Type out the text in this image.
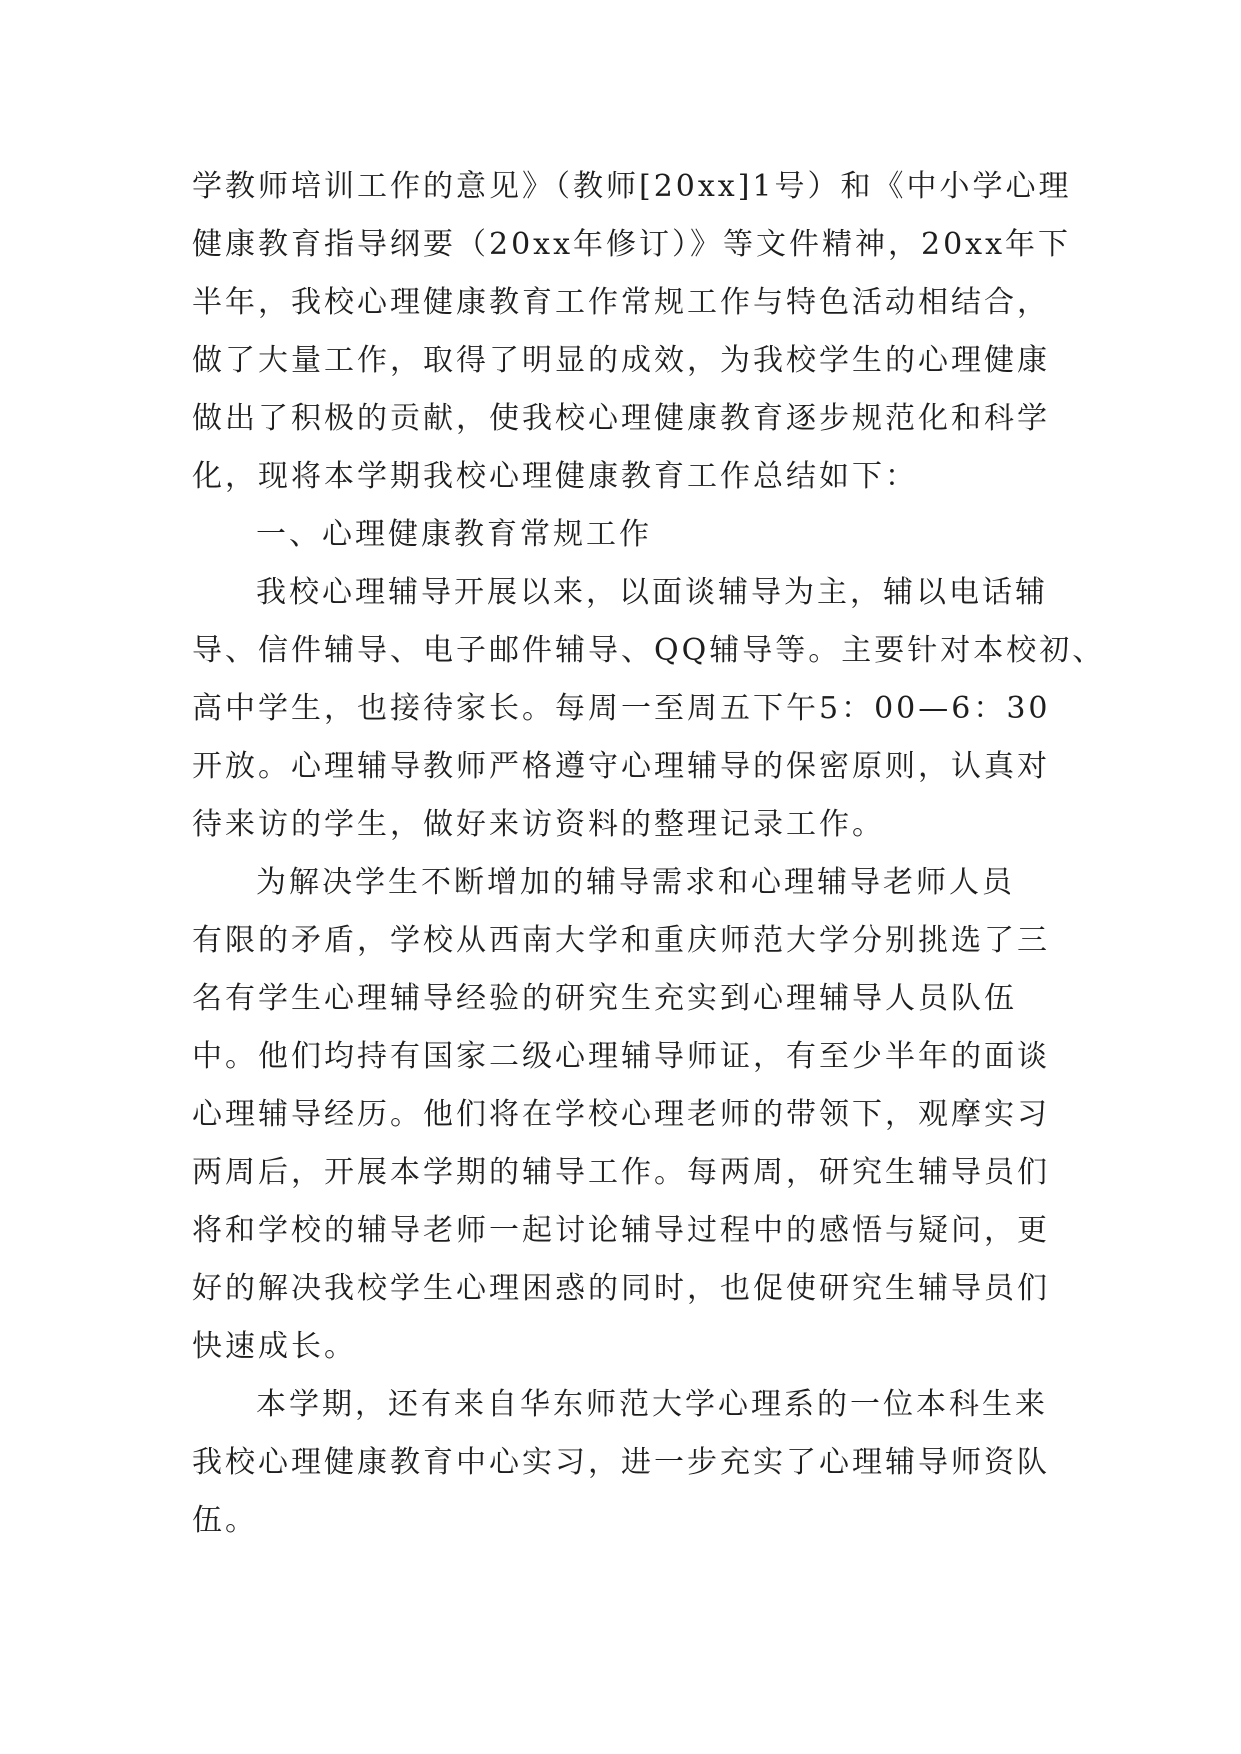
学教师培训工作的意见》（教师[20xx]1号）和《中小学心理
健康教育指导纲要（20xx年修订）》等文件精神，20xx年下
半年，我校心理健康教育工作常规工作与特色活动相结合，
做了大量工作，取得了明显的成效，为我校学生的心理健康
做出了积极的贡献，使我校心理健康教育逐步规范化和科学
化，现将本学期我校心理健康教育工作总结如下：
一、心理健康教育常规工作
我校心理辅导开展以来，以面谈辅导为主，辅以电话辅
导、信件辅导、电子邮件辅导、QQ辅导等。主要针对本校初、
高中学生，也接待家长。每周一至周五下午5：00—6：30
开放。心理辅导教师严格遵守心理辅导的保密原则，认真对
待来访的学生，做好来访资料的整理记录工作。
为解决学生不断增加的辅导需求和心理辅导老师人员
有限的矛盾，学校从西南大学和重庆师范大学分别挑选了三
名有学生心理辅导经验的研究生充实到心理辅导人员队伍
中。他们均持有国家二级心理辅导师证，有至少半年的面谈
心理辅导经历。他们将在学校心理老师的带领下，观摩实习
两周后，开展本学期的辅导工作。每两周，研究生辅导员们
将和学校的辅导老师一起讨论辅导过程中的感悟与疑问，更
好的解决我校学生心理困惑的同时，也促使研究生辅导员们
快速成长。
本学期，还有来自华东师范大学心理系的一位本科生来
我校心理健康教育中心实习，进一步充实了心理辅导师资队
伍。
